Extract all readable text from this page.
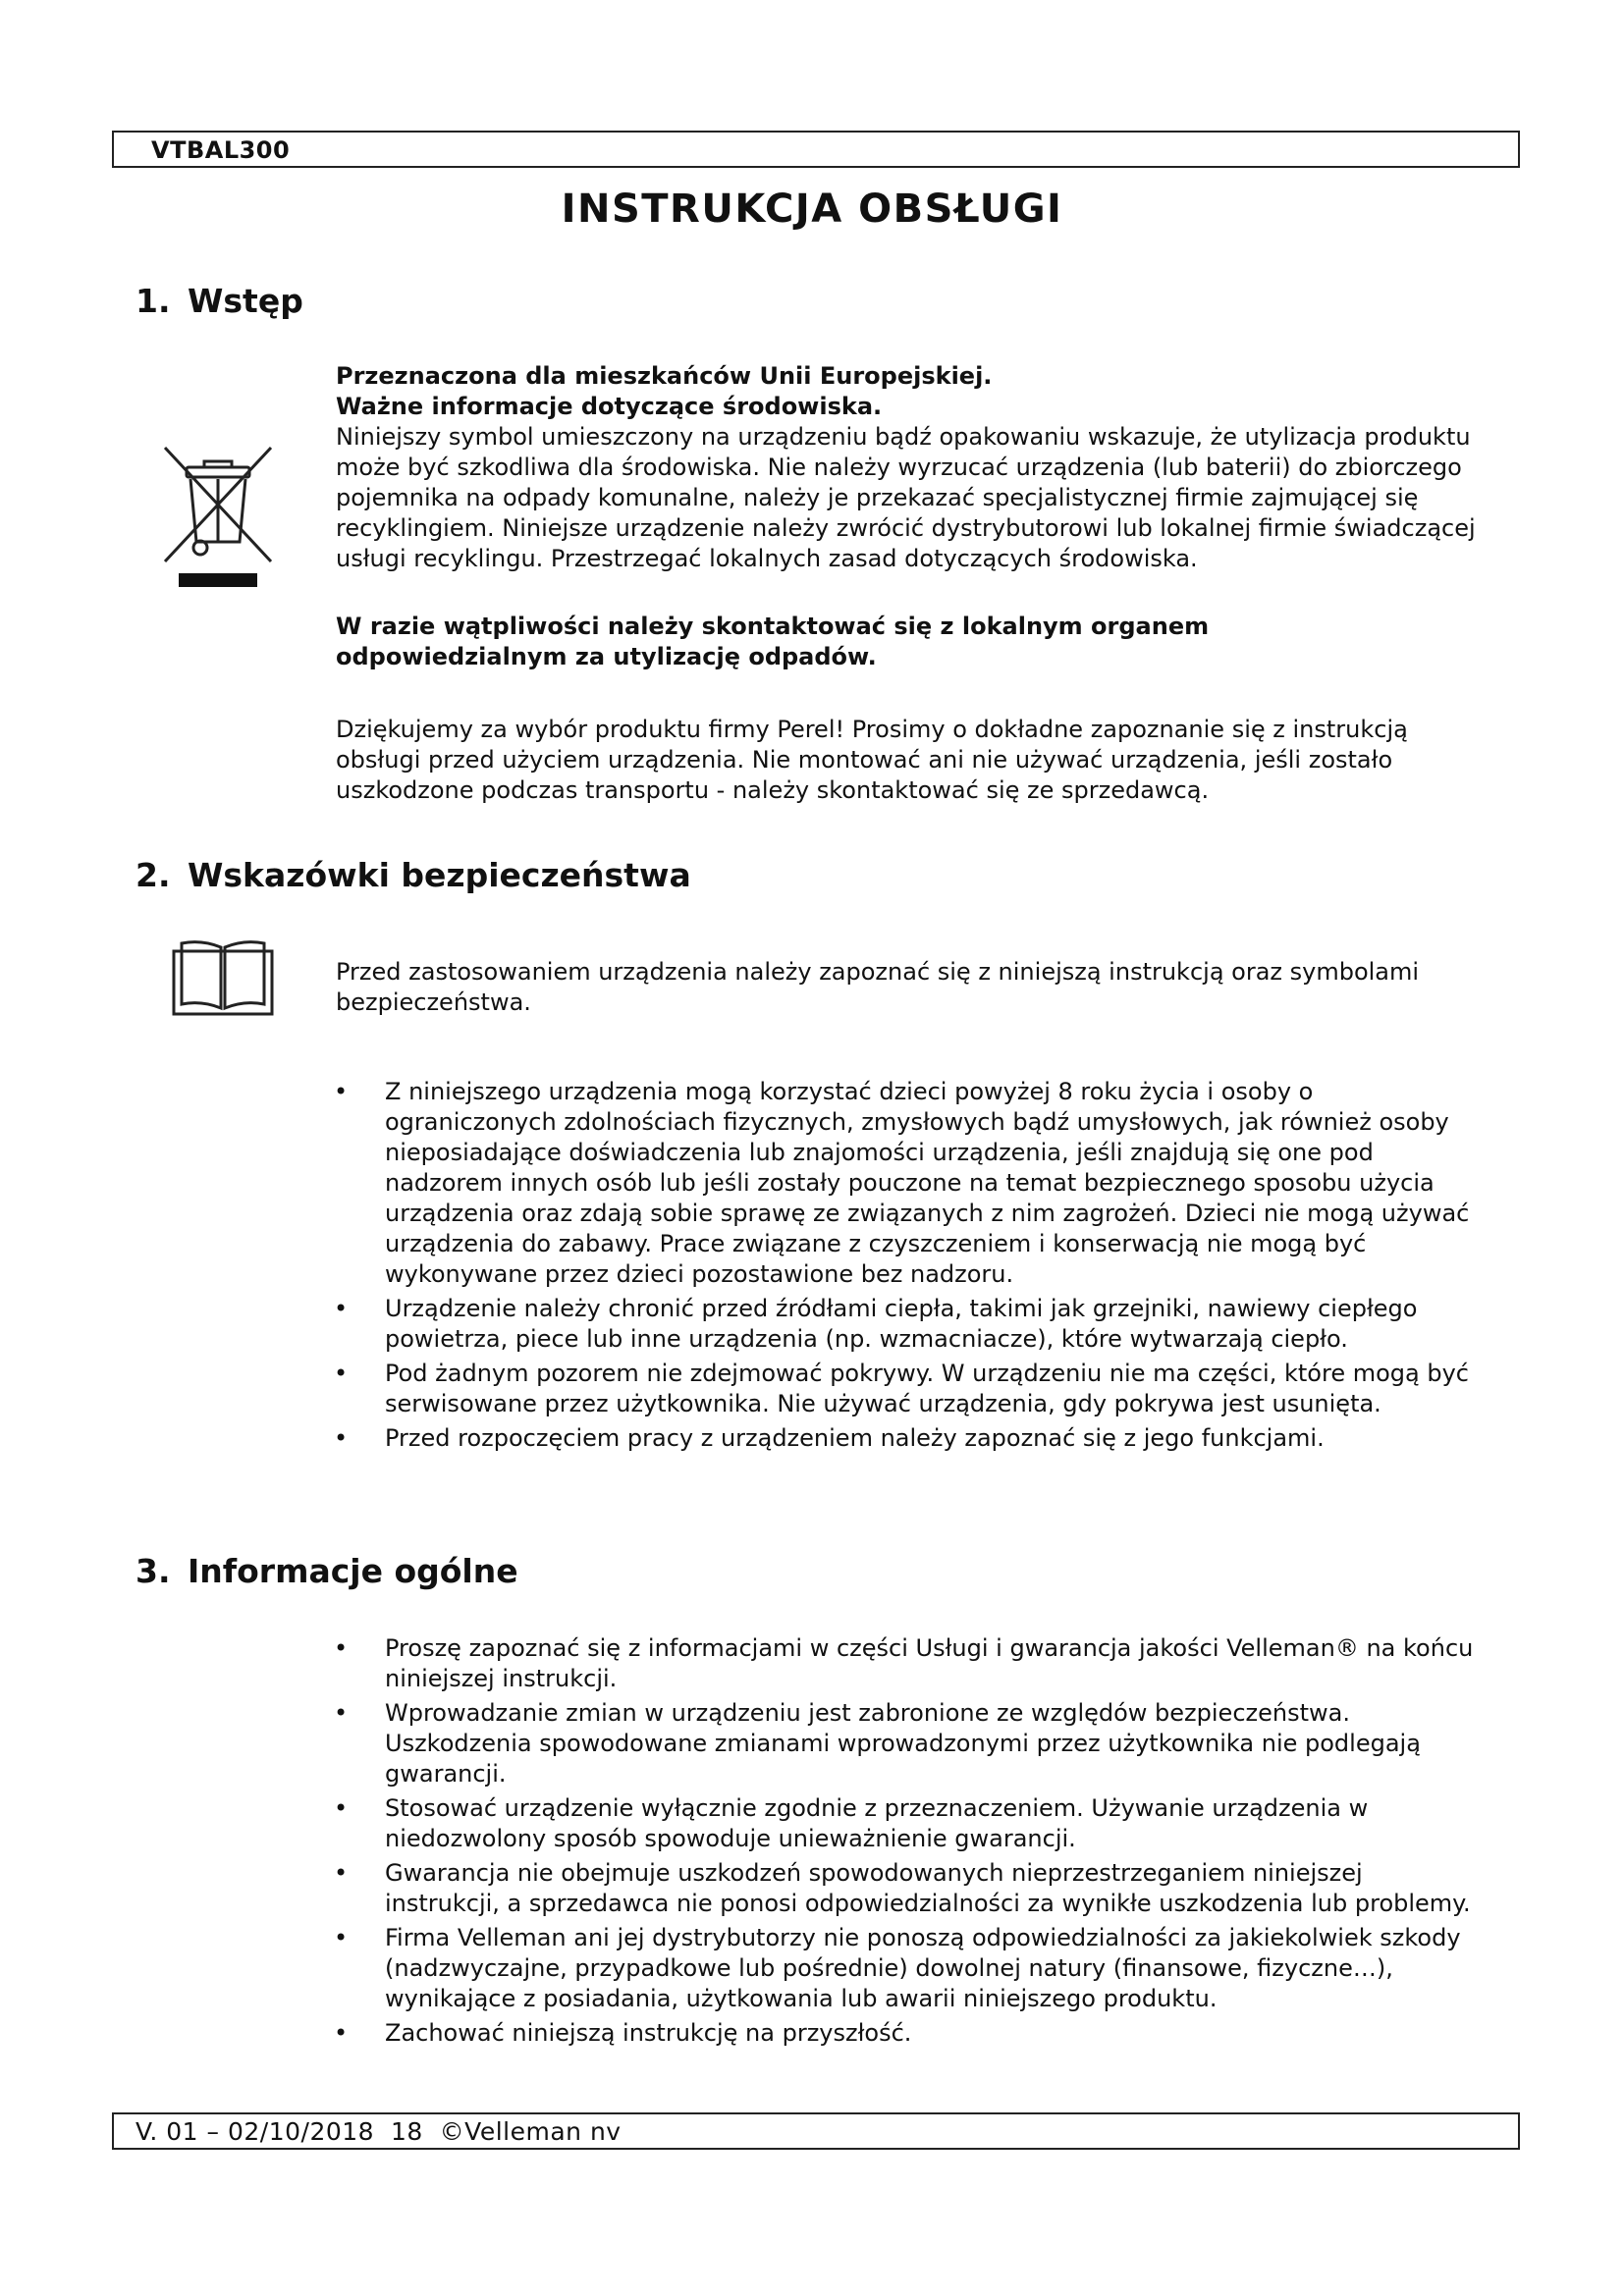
VTBAL300
INSTRUKCJA OBSŁUGI
1. Wstęp

Przeznaczona dla mieszkańców Unii Europejskiej.

Ważne informacje dotyczące środowiska.

Niniejszy symbol umieszczony na urządzeniu bądź opakowaniu wskazuje, że utylizacja produktu może być szkodliwa dla środowiska. Nie należy wyrzucać urządzenia (lub baterii) do zbiorczego pojemnika na odpady komunalne, należy je przekazać specjalistycznej firmie zajmującej się recyklingiem. Niniejsze urządzenie należy zwrócić dystrybutorowi lub lokalnej firmie świadczącej usługi recyklingu. Przestrzegać lokalnych zasad dotyczących środowiska.

W razie wątpliwości należy skontaktować się z lokalnym organem odpowiedzialnym za utylizację odpadów.

Dziękujemy za wybór produktu firmy Perel! Prosimy o dokładne zapoznanie się z instrukcją obsługi przed użyciem urządzenia. Nie montować ani nie używać urządzenia, jeśli zostało uszkodzone podczas transportu - należy skontaktować się ze sprzedawcą.

2. Wskazówki bezpieczeństwa

Przed zastosowaniem urządzenia należy zapoznać się z niniejszą instrukcją oraz symbolami bezpieczeństwa.

• Z niniejszego urządzenia mogą korzystać dzieci powyżej 8 roku życia i osoby o ograniczonych zdolnościach fizycznych, zmysłowych bądź umysłowych, jak również osoby nieposiadające doświadczenia lub znajomości urządzenia, jeśli znajdują się one pod nadzorem innych osób lub jeśli zostały pouczone na temat bezpiecznego sposobu użycia urządzenia oraz zdają sobie sprawę ze związanych z nim zagrożeń. Dzieci nie mogą używać urządzenia do zabawy. Prace związane z czyszczeniem i konserwacją nie mogą być wykonywane przez dzieci pozostawione bez nadzoru.
• Urządzenie należy chronić przed źródłami ciepła, takimi jak grzejniki, nawiewy ciepłego powietrza, piece lub inne urządzenia (np. wzmacniacze), które wytwarzają ciepło.
• Pod żadnym pozorem nie zdejmować pokrywy. W urządzeniu nie ma części, które mogą być serwisowane przez użytkownika. Nie używać urządzenia, gdy pokrywa jest usunięta.
• Przed rozpoczęciem pracy z urządzeniem należy zapoznać się z jego funkcjami.
3. Informacje ogólne
• Proszę zapoznać się z informacjami w części Usługi i gwarancja jakości Velleman® na końcu niniejszej instrukcji.
• Wprowadzanie zmian w urządzeniu jest zabronione ze względów bezpieczeństwa. Uszkodzenia spowodowane zmianami wprowadzonymi przez użytkownika nie podlegają gwarancji.
• Stosować urządzenie wyłącznie zgodnie z przeznaczeniem. Używanie urządzenia w niedozwolony sposób spowoduje unieważnienie gwarancji.
• Gwarancja nie obejmuje uszkodzeń spowodowanych nieprzestrzeganiem niniejszej instrukcji, a sprzedawca nie ponosi odpowiedzialności za wynikłe uszkodzenia lub problemy.
• Firma Velleman ani jej dystrybutorzy nie ponoszą odpowiedzialności za jakiekolwiek szkody (nadzwyczajne, przypadkowe lub pośrednie) dowolnej natury (finansowe, fizyczne…), wynikające z posiadania, użytkowania lub awarii niniejszego produktu.
• Zachować niniejszą instrukcję na przyszłość.
V. 01 – 02/10/2018  18  ©Velleman nv
